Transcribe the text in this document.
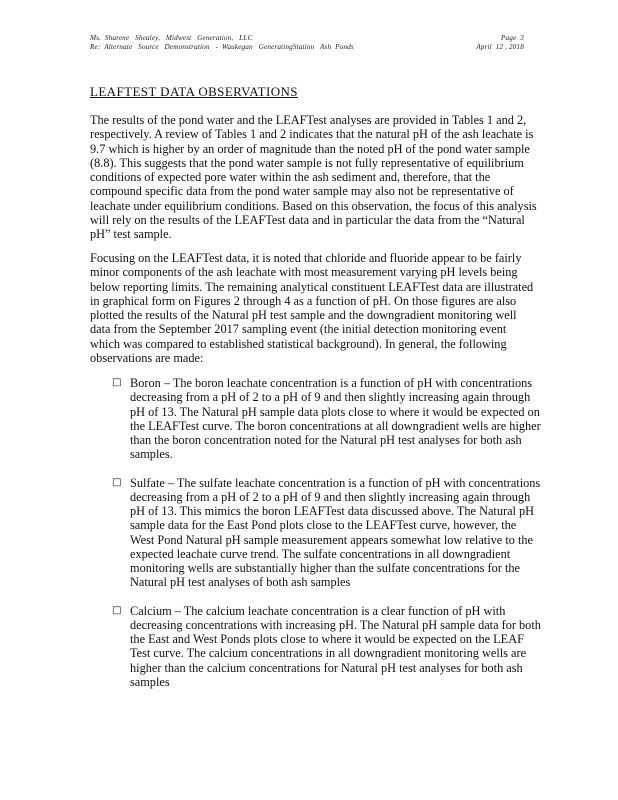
Ms.  Sharene   Shealey,   Midwest   Generation,   LLC
Re:  Alternate   Source   Demonstration   -  Waukegan   GeneratingStation   Ash  Ponds
Page  3
April  12 , 2018
LEAFTEST DATA OBSERVATIONS

The results of the pond water and the LEAFTest analyses are provided in Tables 1 and 2, respectively. A review of Tables 1 and 2 indicates that the natural pH of the ash leachate is 9.7 which is higher by an order of magnitude than the noted pH of the pond water sample (8.8). This suggests that the pond water sample is not fully representative of equilibrium conditions of expected pore water within the ash sediment and, therefore, that the compound specific data from the pond water sample may also not be representative of leachate under equilibrium conditions. Based on this observation, the focus of this analysis will rely on the results of the LEAFTest data and in particular the data from the “Natural pH” test sample.

Focusing on the LEAFTest data, it is noted that chloride and fluoride appear to be fairly minor components of the ash leachate with most measurement varying pH levels being below reporting limits. The remaining analytical constituent LEAFTest data are illustrated in graphical form on Figures 2 through 4 as a function of pH. On those figures are also plotted the results of the Natural pH test sample and the downgradient monitoring well data from the September 2017 sampling event (the initial detection monitoring event which was compared to established statistical background). In general, the following observations are made:

□ Boron – The boron leachate concentration is a function of pH with concentrations decreasing from a pH of 2 to a pH of 9 and then slightly increasing again through pH of 13. The Natural pH sample data plots close to where it would be expected on the LEAFTest curve. The boron concentrations at all downgradient wells are higher than the boron concentration noted for the Natural pH test analyses for both ash samples.
□ Sulfate – The sulfate leachate concentration is a function of pH with concentrations decreasing from a pH of 2 to a pH of 9 and then slightly increasing again through pH of 13. This mimics the boron LEAFTest data discussed above. The Natural pH sample data for the East Pond plots close to the LEAFTest curve, however, the West Pond Natural pH sample measurement appears somewhat low relative to the expected leachate curve trend. The sulfate concentrations in all downgradient monitoring wells are substantially higher than the sulfate concentrations for the Natural pH test analyses of both ash samples
□ Calcium – The calcium leachate concentration is a clear function of pH with decreasing concentrations with increasing pH. The Natural pH sample data for both the East and West Ponds plots close to where it would be expected on the LEAF Test curve. The calcium concentrations in all downgradient monitoring wells are higher than the calcium concentrations for Natural pH test analyses for both ash samples
